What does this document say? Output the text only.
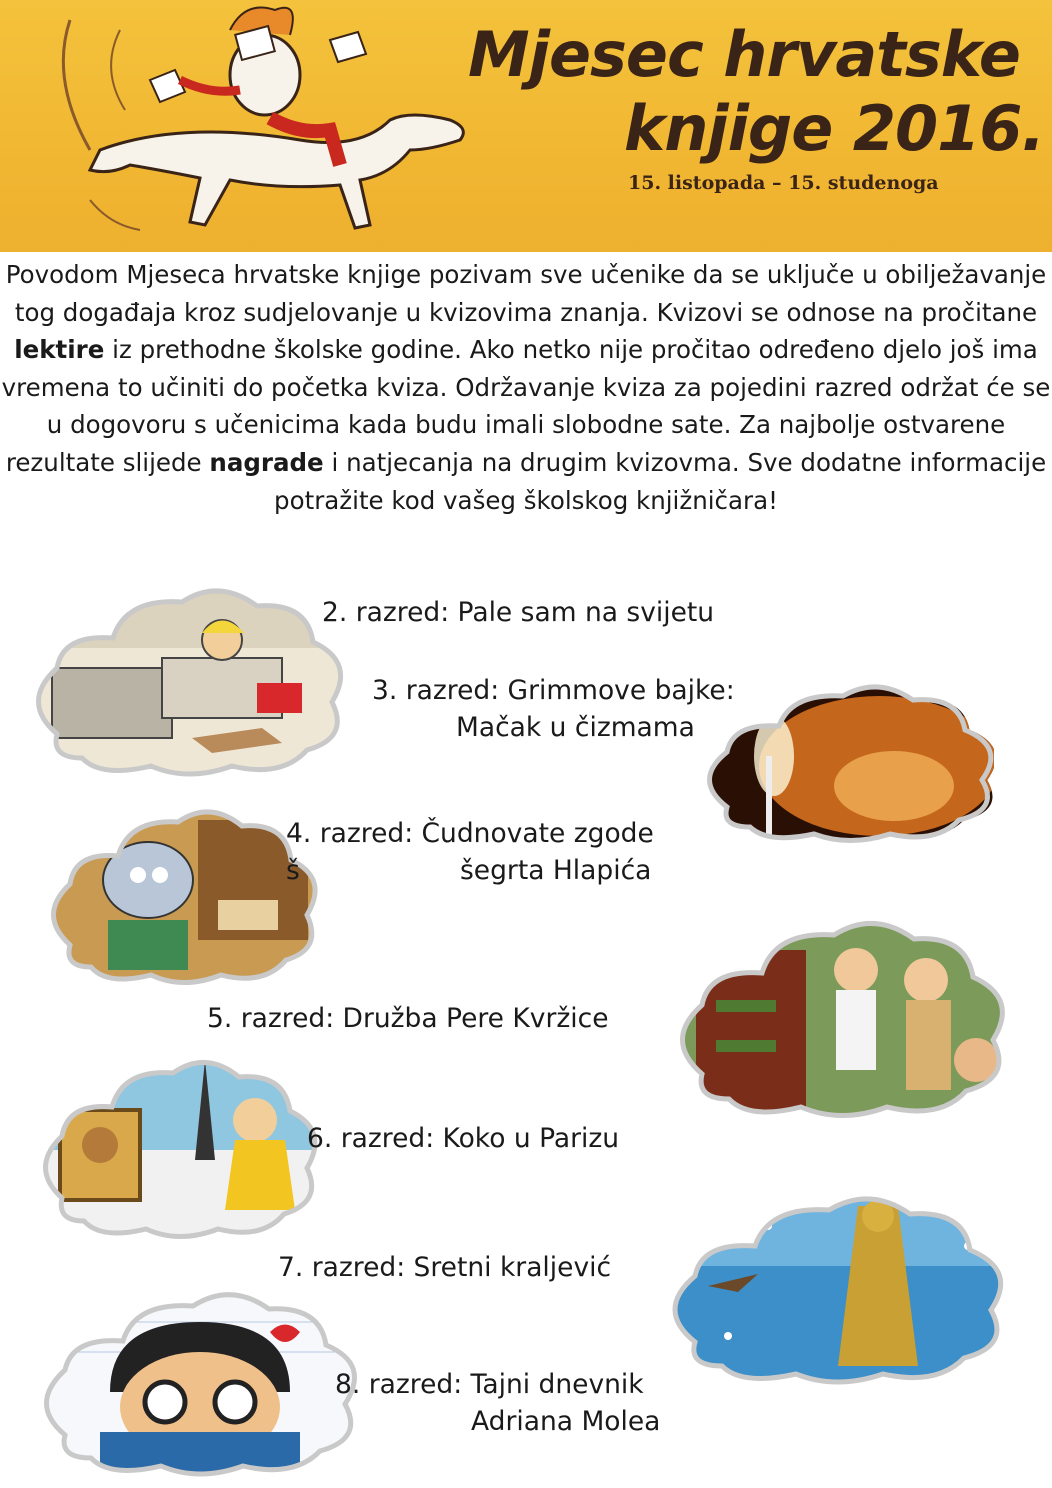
Mjesec hrvatske
knjige 2016.
15. listopada – 15. studenoga

Povodom Mjeseca hrvatske knjige pozivam sve učenike da se uključe u obilježavanje tog događaja kroz sudjelovanje u kvizovima znanja. Kvizovi se odnose na pročitane lektire iz prethodne školske godine. Ako netko nije pročitao određeno djelo još ima vremena to učiniti do početka kviza. Održavanje kviza za pojedini razred održat će se u dogovoru s učenicima kada budu imali slobodne sate. Za najbolje ostvarene rezultate slijede nagrade i natjecanja na drugim kvizovma. Sve dodatne informacije potražite kod vašeg školskog knjižničara!

2. razred: Pale sam na svijetu
3. razred: Grimmove bajke:
Mačak u čizmama
4. razred: Čudnovate zgode
š	šegrta Hlapića
5. razred: Družba Pere Kvržice
6. razred: Koko u Parizu
7. razred: Sretni kraljević
8. razred: Tajni dnevnik
Adriana Molea
